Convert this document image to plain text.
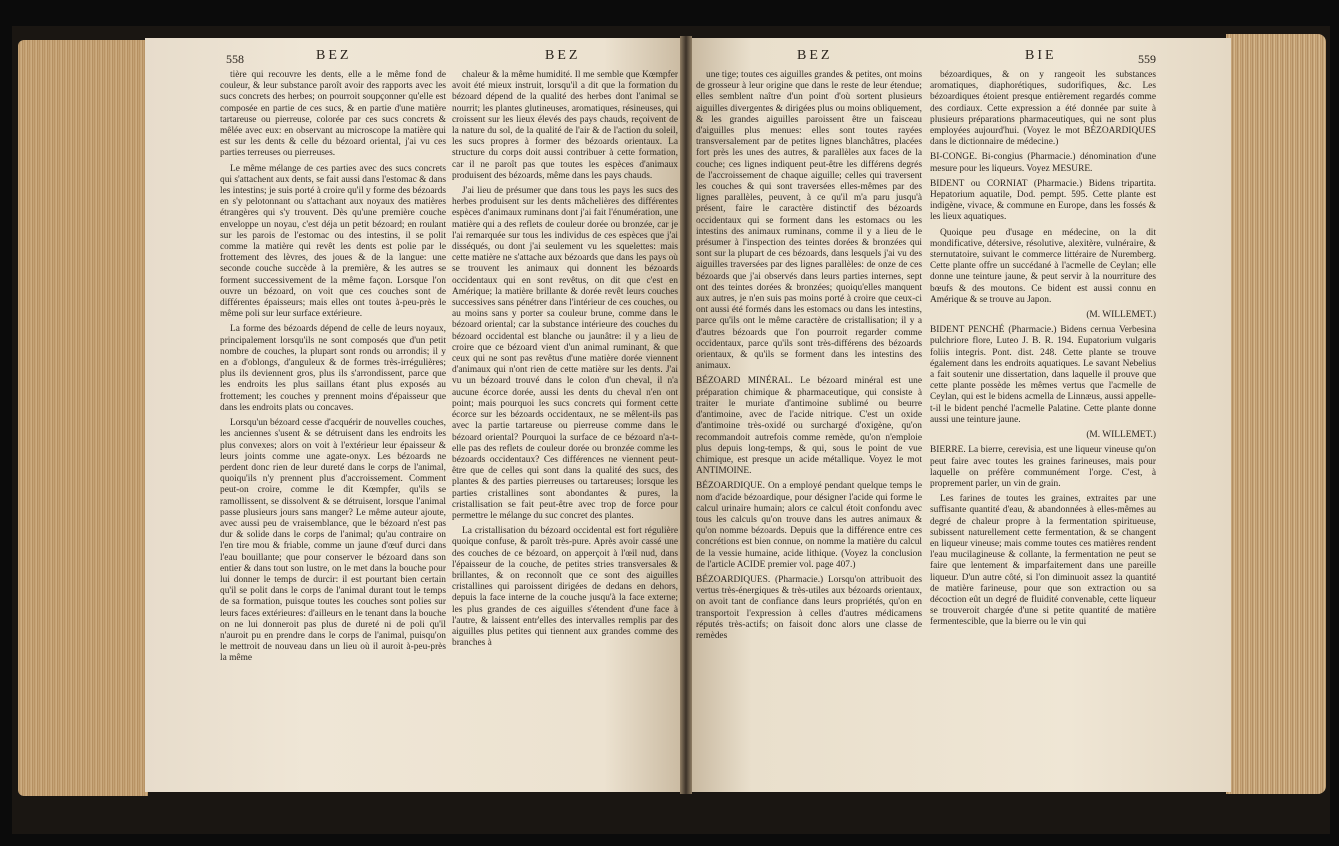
558	BEZ	BEZ	BEZ	BIE	559

tière qui recouvre les dents, elle a le même fond de couleur, & leur substance paroît avoir des rapports avec les sucs concrets des herbes; on pourroit soupçonner qu'elle est composée en partie de ces sucs, & en partie d'une matière tartareuse ou pierreuse, colorée par ces sucs concrets & mêlée avec eux: en observant au microscope la matière qui est sur les dents & celle du bézoard oriental, j'ai vu ces parties terreuses ou pierreuses.

Le même mélange de ces parties avec des sucs concrets qui s'attachent aux dents, se fait aussi dans l'estomac & dans les intestins; je suis porté à croire qu'il y forme des bézoards en s'y pelotonnant ou s'attachant aux noyaux des matières étrangères qui s'y trouvent. Dès qu'une première couche enveloppe un noyau, c'est déja un petit bézoard; en roulant sur les parois de l'estomac ou des intestins, il se polit comme la matière qui revêt les dents est polie par le frottement des lèvres, des joues & de la langue: une seconde couche succède à la première, & les autres se forment successivement de la même façon. Lorsque l'on ouvre un bézoard, on voit que ces couches sont de différentes épaisseurs; mais elles ont toutes à-peu-près le même poli sur leur surface extérieure.

La forme des bézoards dépend de celle de leurs noyaux, principalement lorsqu'ils ne sont composés que d'un petit nombre de couches, la plupart sont ronds ou arrondis; il y en a d'oblongs, d'anguleux & de formes très-irrégulières; plus ils deviennent gros, plus ils s'arrondissent, parce que les endroits les plus saillans étant plus exposés au frottement; les couches y prennent moins d'épaisseur que dans les endroits plats ou concaves.

Lorsqu'un bézoard cesse d'acquérir de nouvelles couches, les anciennes s'usent & se détruisent dans les endroits les plus convexes; alors on voit à l'extérieur leur épaisseur & leurs joints comme une agate-onyx. Les bézoards ne perdent donc rien de leur dureté dans le corps de l'animal, quoiqu'ils n'y prennent plus d'accroissement. Comment peut-on croire, comme le dit Kœmpfer, qu'ils se ramollissent, se dissolvent & se détruisent, lorsque l'animal passe plusieurs jours sans manger? Le même auteur ajoute, avec aussi peu de vraisemblance, que le bézoard n'est pas dur & solide dans le corps de l'animal; qu'au contraire on l'en tire mou & friable, comme un jaune d'œuf durci dans l'eau bouillante; que pour conserver le bézoard dans son entier & dans tout son lustre, on le met dans la bouche pour lui donner le temps de durcir: il est pourtant bien certain qu'il se polit dans le corps de l'animal durant tout le temps de sa formation, puisque toutes les couches sont polies sur leurs faces extérieures: d'ailleurs en le tenant dans la bouche on ne lui donneroit pas plus de dureté ni de poli qu'il n'auroit pu en prendre dans le corps de l'animal, puisqu'on le mettroit de nouveau dans un lieu où il auroit à-peu-près la même

chaleur & la même humidité. Il me semble que Kœmpfer avoit été mieux instruit, lorsqu'il a dit que la formation du bézoard dépend de la qualité des herbes dont l'animal se nourrit; les plantes glutineuses, aromatiques, résineuses, qui croissent sur les lieux élevés des pays chauds, reçoivent de la nature du sol, de la qualité de l'air & de l'action du soleil, les sucs propres à former des bézoards orientaux. La structure du corps doit aussi contribuer à cette formation, car il ne paroît pas que toutes les espèces d'animaux produisent des bézoards, même dans les pays chauds.

J'ai lieu de présumer que dans tous les pays les sucs des herbes produisent sur les dents mâchelières des différentes espèces d'animaux ruminans dont j'ai fait l'énumération, une matière qui a des reflets de couleur dorée ou bronzée, car je l'ai remarquée sur tous les individus de ces espèces que j'ai disséqués, ou dont j'ai seulement vu les squelettes: mais cette matière ne s'attache aux bézoards que dans les pays où se trouvent les animaux qui donnent les bézoards occidentaux qui en sont revêtus, on dit que c'est en Amérique; la matière brillante & dorée revêt leurs couches successives sans pénétrer dans l'intérieur de ces couches, ou au moins sans y porter sa couleur brune, comme dans le bézoard oriental; car la substance intérieure des couches du bézoard occidental est blanche ou jaunâtre: il y a lieu de croire que ce bézoard vient d'un animal ruminant, & que ceux qui ne sont pas revêtus d'une matière dorée viennent d'animaux qui n'ont rien de cette matière sur les dents. J'ai vu un bézoard trouvé dans le colon d'un cheval, il n'a aucune écorce dorée, aussi les dents du cheval n'en ont point; mais pourquoi les sucs concrets qui forment cette écorce sur les bézoards occidentaux, ne se mêlent-ils pas avec la partie tartareuse ou pierreuse comme dans le bézoard oriental? Pourquoi la surface de ce bézoard n'a-t-elle pas des reflets de couleur dorée ou bronzée comme les bézoards occidentaux? Ces différences ne viennent peut-être que de celles qui sont dans la qualité des sucs, des plantes & des parties pierreuses ou tartareuses; lorsque les parties cristallines sont abondantes & pures, la cristallisation se fait peut-être avec trop de force pour permettre le mélange du suc concret des plantes.

La cristallisation du bézoard occidental est fort régulière quoique confuse, & paroît très-pure. Après avoir cassé une des couches de ce bézoard, on apperçoit à l'œil nud, dans l'épaisseur de la couche, de petites stries transversales & brillantes, & on reconnoît que ce sont des aiguilles cristallines qui paroissent dirigées de dedans en dehors, depuis la face interne de la couche jusqu'à la face externe; les plus grandes de ces aiguilles s'étendent d'une face à l'autre, & laissent entr'elles des intervalles remplis par des aiguilles plus petites qui tiennent aux grandes comme des branches à

une tige; toutes ces aiguilles grandes & petites, ont moins de grosseur à leur origine que dans le reste de leur étendue; elles semblent naître d'un point d'où sortent plusieurs aiguilles divergentes & dirigées plus ou moins obliquement, & les grandes aiguilles paroissent être un faisceau d'aiguilles plus menues: elles sont toutes rayées transversalement par de petites lignes blanchâtres, placées fort près les unes des autres, & parallèles aux faces de la couche; ces lignes indiquent peut-être les différens degrés de l'accroissement de chaque aiguille; celles qui traversent les couches & qui sont traversées elles-mêmes par des lignes parallèles, peuvent, à ce qu'il m'a paru jusqu'à présent, faire le caractère distinctif des bézoards occidentaux qui se forment dans les estomacs ou les intestins des animaux ruminans, comme il y a lieu de le présumer à l'inspection des teintes dorées & bronzées qui sont sur la plupart de ces bézoards, dans lesquels j'ai vu des aiguilles traversées par des lignes parallèles: de onze de ces bézoards que j'ai observés dans leurs parties internes, sept ont des teintes dorées & bronzées; quoiqu'elles manquent aux autres, je n'en suis pas moins porté à croire que ceux-ci ont aussi été formés dans les estomacs ou dans les intestins, parce qu'ils ont le même caractère de cristallisation; il y a d'autres bézoards que l'on pourroit regarder comme occidentaux, parce qu'ils sont très-différens des bézoards orientaux, & qu'ils se forment dans les intestins des animaux.

BÉZOARD MINÉRAL. Le bézoard minéral est une préparation chimique & pharmaceutique, qui consiste à traiter le muriate d'antimoine sublimé ou beurre d'antimoine, avec de l'acide nitrique. C'est un oxide d'antimoine très-oxidé ou surchargé d'oxigène, qu'on recommandoit autrefois comme remède, qu'on n'emploie plus depuis long-temps, & qui, sous le point de vue chimique, est presque un acide métallique. Voyez le mot ANTIMOINE.

BÉZOARDIQUE. On a employé pendant quelque temps le nom d'acide bézoardique, pour désigner l'acide qui forme le calcul urinaire humain; alors ce calcul étoit confondu avec tous les calculs qu'on trouve dans les autres animaux & qu'on nomme bézoards. Depuis que la différence entre ces concrétions est bien connue, on nomme la matière du calcul de la vessie humaine, acide lithique. (Voyez la conclusion de l'article ACIDE premier vol. page 407.)

BÉZOARDIQUES. (Pharmacie.) Lorsqu'on attribuoit des vertus très-énergiques & très-utiles aux bézoards orientaux, on avoit tant de confiance dans leurs propriétés, qu'on en transportoit l'expression à celles d'autres médicamens réputés très-actifs; on faisoit donc alors une classe de remèdes

bézoardiques, & on y rangeoit les substances aromatiques, diaphorétiques, sudorifiques, &c. Les bézoardiques étoient presque entièrement regardés comme des cordiaux. Cette expression a été donnée par suite à plusieurs préparations pharmaceutiques, qui ne sont plus employées aujourd'hui. (Voyez le mot BÉZOARDIQUES dans le dictionnaire de médecine.)

BI-CONGE. Bi-congius (Pharmacie.) dénomination d'une mesure pour les liqueurs. Voyez MESURE.

BIDENT ou CORNIAT (Pharmacie.) Bidens tripartita. Hepatorium aquatile, Dod. pempt. 595. Cette plante est indigène, vivace, & commune en Europe, dans les fossés & les lieux aquatiques.

Quoique peu d'usage en médecine, on la dit mondificative, détersive, résolutive, alexitère, vulnéraire, & sternutatoire, suivant le commerce littéraire de Nuremberg. Cette plante offre un succédané à l'acmelle de Ceylan; elle donne une teinture jaune, & peut servir à la nourriture des bœufs & des moutons. Ce bident est aussi connu en Amérique & se trouve au Japon.

(M. WILLEMET.)

BIDENT PENCHÉ (Pharmacie.) Bidens cernua Verbesina pulchriore flore, Luteo J. B. R. 194. Eupatorium vulgaris foliis integris. Pont. dist. 248. Cette plante se trouve également dans les endroits aquatiques. Le savant Nebelius a fait soutenir une dissertation, dans laquelle il prouve que cette plante possède les mêmes vertus que l'acmelle de Ceylan, qui est le bidens acmella de Linnæus, aussi appelle-t-il le bident penché l'acmelle Palatine. Cette plante donne aussi une teinture jaune.

(M. WILLEMET.)

BIERRE. La bierre, cerevisia, est une liqueur vineuse qu'on peut faire avec toutes les graines farineuses, mais pour laquelle on préfère communément l'orge. C'est, à proprement parler, un vin de grain.

Les farines de toutes les graines, extraites par une suffisante quantité d'eau, & abandonnées à elles-mêmes au degré de chaleur propre à la fermentation spiritueuse, subissent naturellement cette fermentation, & se changent en liqueur vineuse; mais comme toutes ces matières rendent l'eau mucilagineuse & collante, la fermentation ne peut se faire que lentement & imparfaitement dans une pareille liqueur. D'un autre côté, si l'on diminuoit assez la quantité de matière farineuse, pour que son extraction ou sa décoction eût un degré de fluidité convenable, cette liqueur se trouveroit chargée d'une si petite quantité de matière fermentescible, que la bierre ou le vin qui
